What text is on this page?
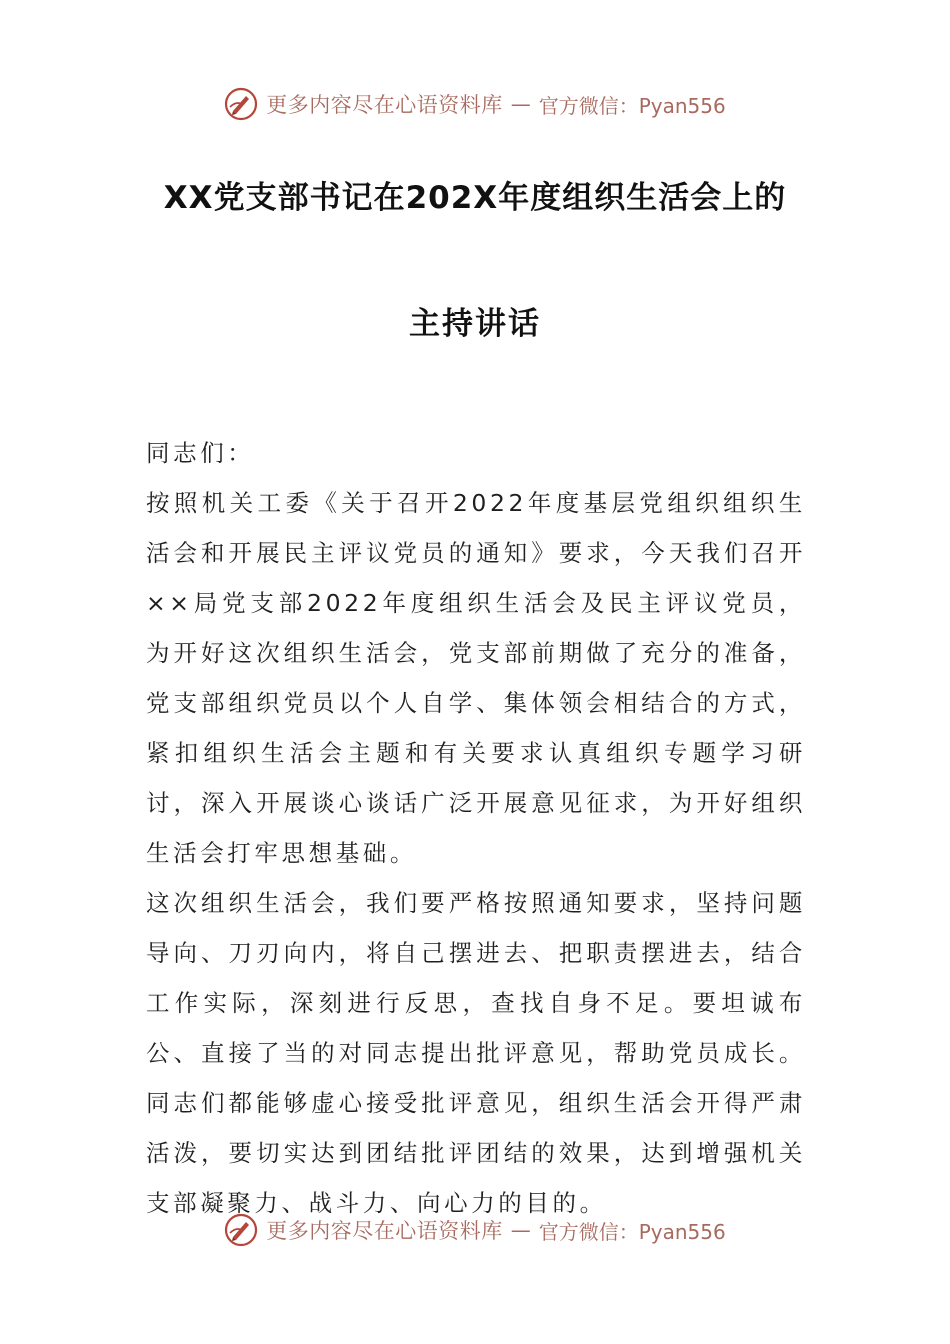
更多内容尽在心语资料库 — 官方微信：Pyan556
XX党支部书记在202X年度组织生活会上的
主持讲话

同志们：

按照机关工委《关于召开2022年度基层党组织组织生活会和开展民主评议党员的通知》要求，今天我们召开××局党支部2022年度组织生活会及民主评议党员，为开好这次组织生活会，党支部前期做了充分的准备，党支部组织党员以个人自学、集体领会相结合的方式，紧扣组织生活会主题和有关要求认真组织专题学习研讨，深入开展谈心谈话广泛开展意见征求，为开好组织生活会打牢思想基础。

这次组织生活会，我们要严格按照通知要求，坚持问题导向、刀刃向内，将自己摆进去、把职责摆进去，结合工作实际，深刻进行反思，查找自身不足。要坦诚布公、直接了当的对同志提出批评意见，帮助党员成长。同志们都能够虚心接受批评意见，组织生活会开得严肃活泼，要切实达到团结批评团结的效果，达到增强机关支部凝聚力、战斗力、向心力的目的。

更多内容尽在心语资料库 — 官方微信：Pyan556
